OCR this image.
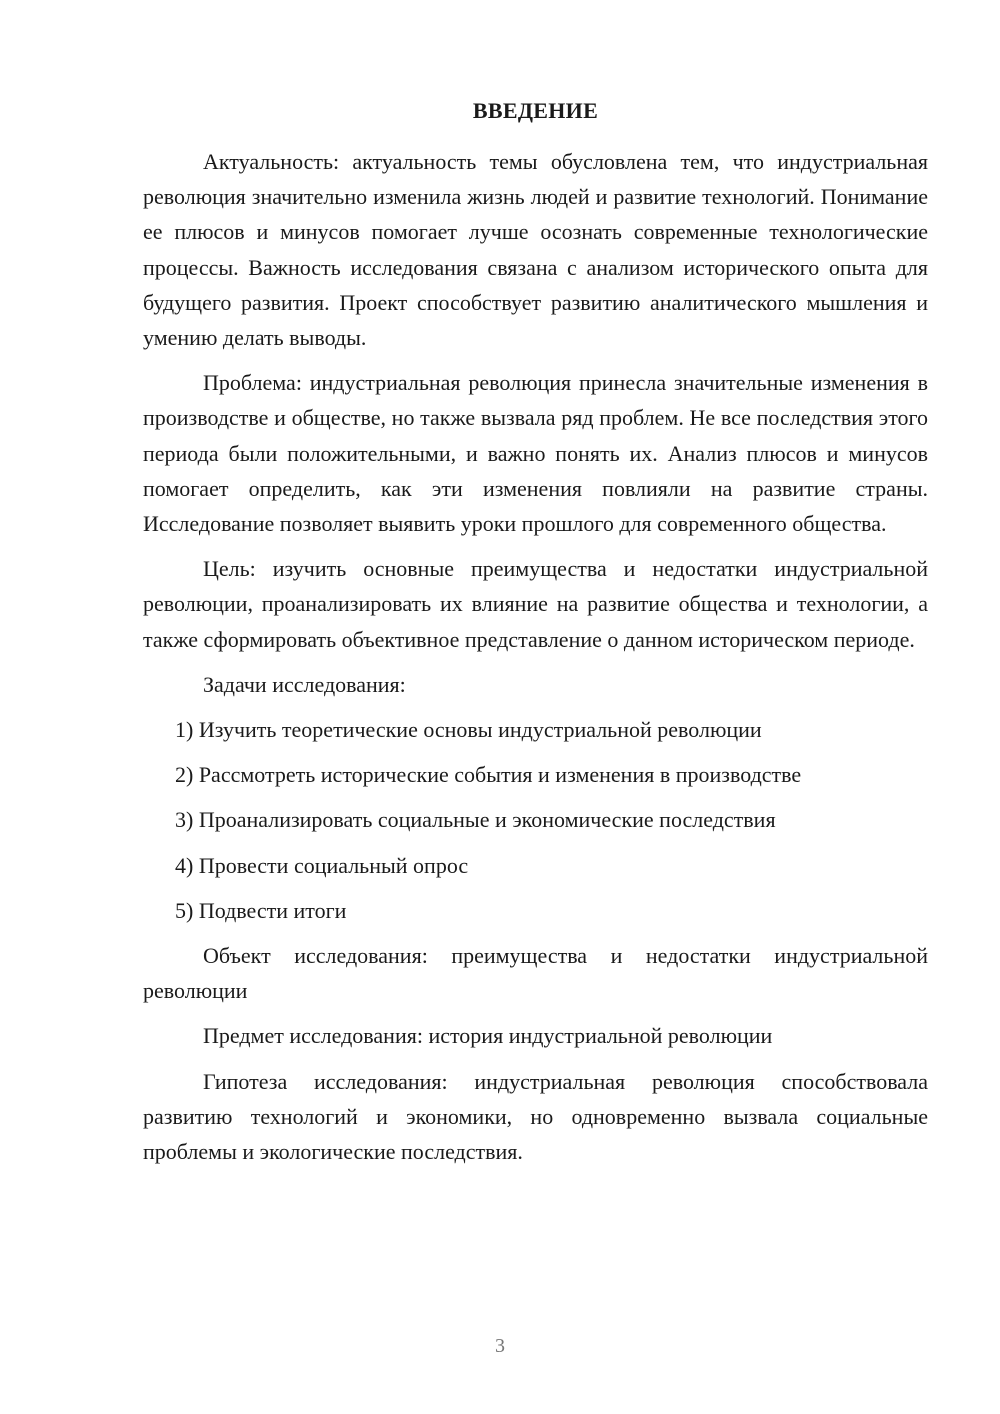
ВВЕДЕНИЕ

Актуальность: актуальность темы обусловлена тем, что индустриальная революция значительно изменила жизнь людей и развитие технологий. Понимание ее плюсов и минусов помогает лучше осознать современные технологические процессы. Важность исследования связана с анализом исторического опыта для будущего развития. Проект способствует развитию аналитического мышления и умению делать выводы.

Проблема: индустриальная революция принесла значительные изменения в производстве и обществе, но также вызвала ряд проблем. Не все последствия этого периода были положительными, и важно понять их. Анализ плюсов и минусов помогает определить, как эти изменения повлияли на развитие страны. Исследование позволяет выявить уроки прошлого для современного общества.

Цель: изучить основные преимущества и недостатки индустриальной революции, проанализировать их влияние на развитие общества и технологии, а также сформировать объективное представление о данном историческом периоде.

Задачи исследования:

1) Изучить теоретические основы индустриальной революции

2) Рассмотреть исторические события и изменения в производстве

3) Проанализировать социальные и экономические последствия

4) Провести социальный опрос

5) Подвести итоги

Объект исследования: преимущества и недостатки индустриальной революции

Предмет исследования: история индустриальной революции

Гипотеза исследования: индустриальная революция способствовала развитию технологий и экономики, но одновременно вызвала социальные проблемы и экологические последствия.

3
